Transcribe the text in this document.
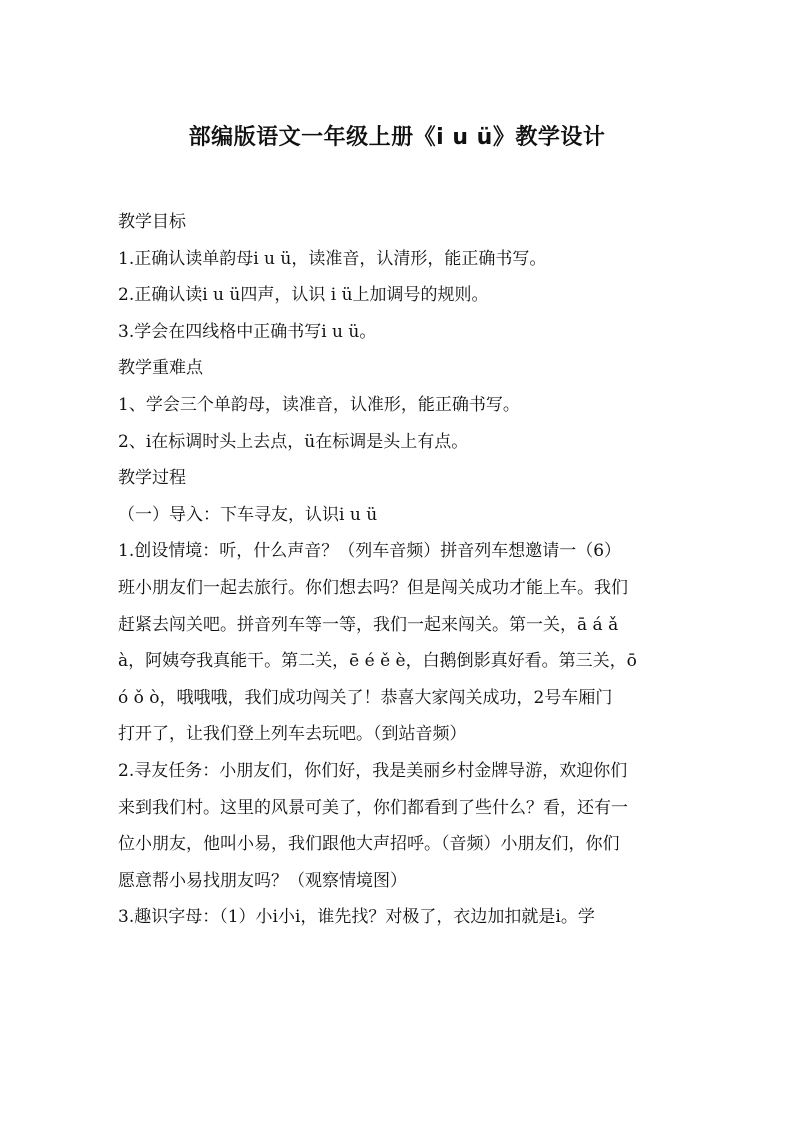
部编版语文一年级上册《i u ü》教学设计
教学目标
1.正确认读单韵母i u ü，读准音，认清形，能正确书写。
2.正确认读i u ü四声，认识 i ü上加调号的规则。
3.学会在四线格中正确书写i u ü。
教学重难点
1、学会三个单韵母，读准音，认准形，能正确书写。
2、i在标调时头上去点，ü在标调是头上有点。
教学过程
（一）导入：下车寻友，认识i u ü
1.创设情境：听，什么声音？（列车音频）拼音列车想邀请一（6）
班小朋友们一起去旅行。你们想去吗？但是闯关成功才能上车。我们
赶紧去闯关吧。拼音列车等一等，我们一起来闯关。第一关，ā á ǎ
à，阿姨夸我真能干。第二关，ē é ě è，白鹅倒影真好看。第三关，ō
ó ǒ ò，哦哦哦，我们成功闯关了！恭喜大家闯关成功，2号车厢门
打开了，让我们登上列车去玩吧。（到站音频）
2.寻友任务：小朋友们，你们好，我是美丽乡村金牌导游，欢迎你们
来到我们村。这里的风景可美了，你们都看到了些什么？看，还有一
位小朋友，他叫小易，我们跟他大声招呼。（音频）小朋友们，你们
愿意帮小易找朋友吗？（观察情境图）
3.趣识字母：（1）小i小i，谁先找？对极了，衣边加扣就是i。学
